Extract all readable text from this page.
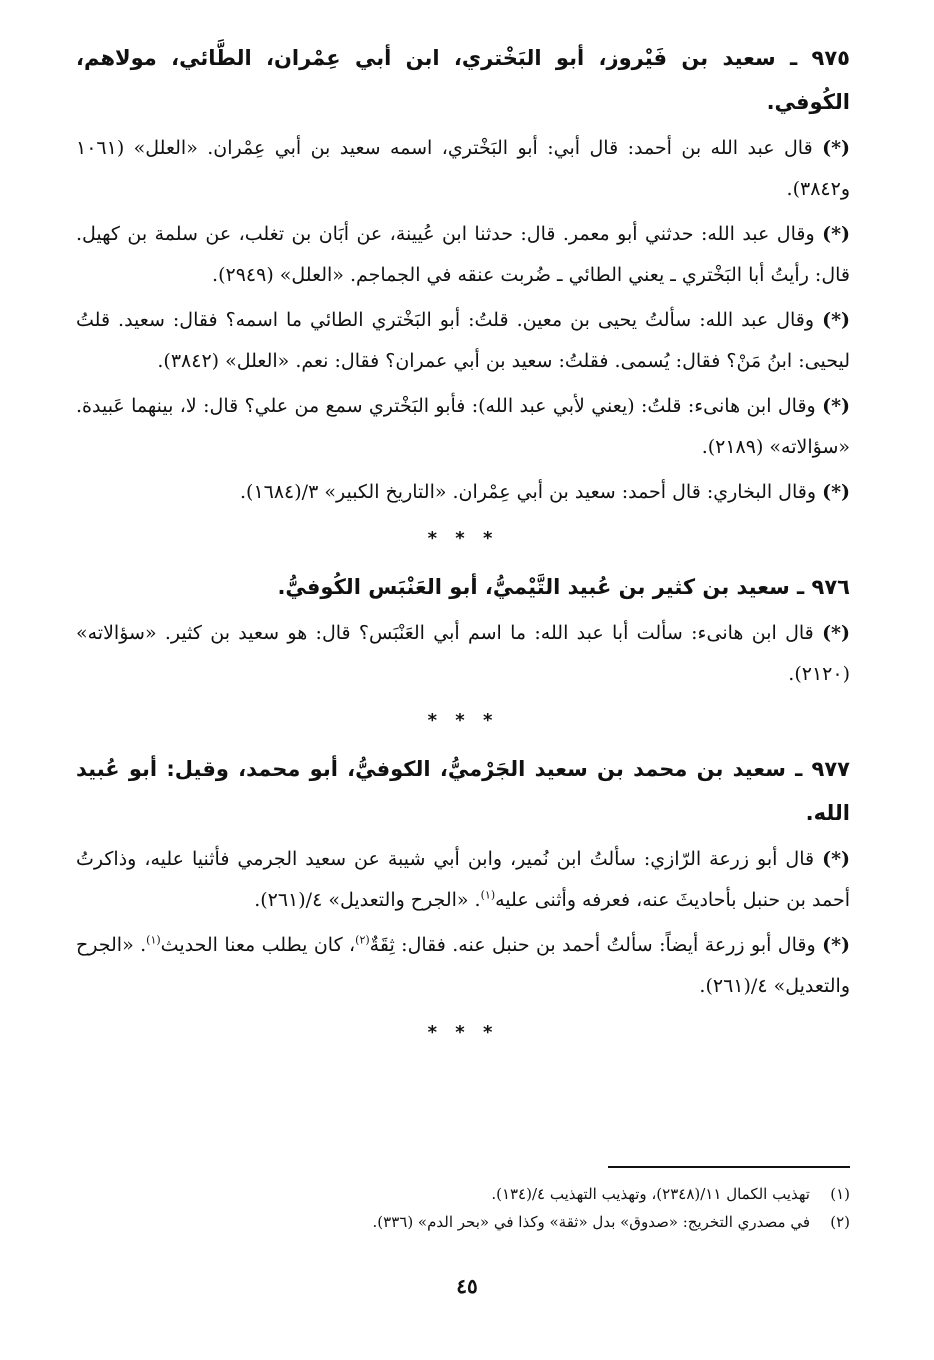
٩٧٥ ـ سعيد بن فَيْروز، أبو البَخْتري، ابن أبي عِمْران، الطَّائي، مولاهم، الكُوفي.

(*) قال عبد الله بن أحمد: قال أبي: أبو البَخْتري، اسمه سعيد بن أبي عِمْران. «العلل» (١٠٦١ و٣٨٤٢).

(*) وقال عبد الله: حدثني أبو معمر. قال: حدثنا ابن عُيينة، عن أبَان بن تغلب، عن سلمة بن كهيل. قال: رأيتُ أبا البَخْتري ـ يعني الطائي ـ ضُربت عنقه في الجماجم. «العلل» (٢٩٤٩).

(*) وقال عبد الله: سألتُ يحيى بن معين. قلتُ: أبو البَخْتري الطائي ما اسمه؟ فقال: سعيد. قلتُ ليحيى: ابنُ مَنْ؟ فقال: يُسمى. فقلتُ: سعيد بن أبي عمران؟ فقال: نعم. «العلل» (٣٨٤٢).

(*) وقال ابن هانىء: قلتُ: (يعني لأبي عبد الله): فأبو البَخْتري سمع من علي؟ قال: لا، بينهما عَبيدة. «سؤالاته» (٢١٨٩).

(*) وقال البخاري: قال أحمد: سعيد بن أبي عِمْران. «التاريخ الكبير» ٣/(١٦٨٤).

* * *

٩٧٦ ـ سعيد بن كثير بن عُبيد التَّيْميُّ، أبو العَنْبَس الكُوفيُّ.

(*) قال ابن هانىء: سألت أبا عبد الله: ما اسم أبي العَنْبَس؟ قال: هو سعيد بن كثير. «سؤالاته» (٢١٢٠).

* * *

٩٧٧ ـ سعيد بن محمد بن سعيد الجَرْميُّ، الكوفيُّ، أبو محمد، وقيل: أبو عُبيد الله.

(*) قال أبو زرعة الرّازي: سألتُ ابن نُمير، وابن أبي شيبة عن سعيد الجرمي فأثنيا عليه، وذاكرتُ أحمد بن حنبل بأحاديثَ عنه، فعرفه وأثنى عليه$^{(١)}$. «الجرح والتعديل» ٤/(٢٦١).

(*) وقال أبو زرعة أيضاً: سألتُ أحمد بن حنبل عنه. فقال: ثِقَةٌ$^{(٢)}$، كان يطلب معنا الحديث$^{(١)}$. «الجرح والتعديل» ٤/(٢٦١).

* * *
(١)
تهذيب الكمال ١١/(٢٣٤٨)، وتهذيب التهذيب ٤/(١٣٤).
(٢)
في مصدري التخريج: «صدوق» بدل «ثقة» وكذا في «بحر الدم» (٣٣٦).
٤٥
